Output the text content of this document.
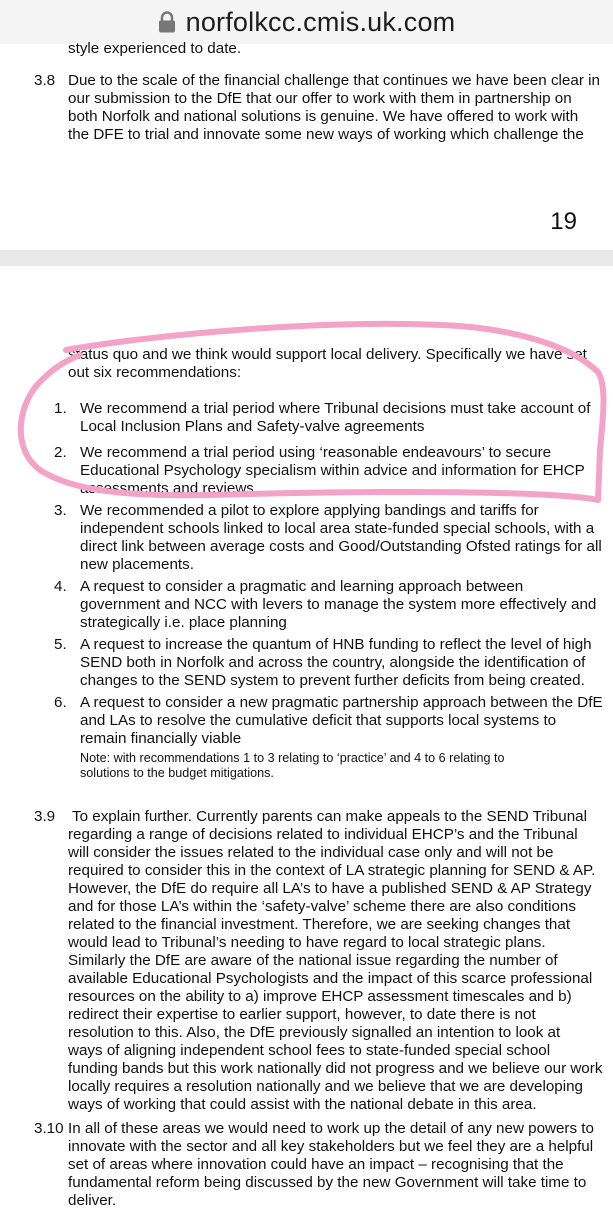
norfolkcc.cmis.uk.com
style experienced to date.
3.8 Due to the scale of the financial challenge that continues we have been clear in
our submission to the DfE that our offer to work with them in partnership on
both Norfolk and national solutions is genuine. We have offered to work with
the DFE to trial and innovate some new ways of working which challenge the
19
status quo and we think would support local delivery. Specifically we have set
out six recommendations:
1. We recommend a trial period where Tribunal decisions must take account of
Local Inclusion Plans and Safety-valve agreements
2. We recommend a trial period using ‘reasonable endeavours’ to secure
Educational Psychology specialism within advice and information for EHCP
assessments and reviews
3. We recommended a pilot to explore applying bandings and tariffs for
independent schools linked to local area state-funded special schools, with a
direct link between average costs and Good/Outstanding Ofsted ratings for all
new placements.
4. A request to consider a pragmatic and learning approach between
government and NCC with levers to manage the system more effectively and
strategically i.e. place planning
5. A request to increase the quantum of HNB funding to reflect the level of high
SEND both in Norfolk and across the country, alongside the identification of
changes to the SEND system to prevent further deficits from being created.
6. A request to consider a new pragmatic partnership approach between the DfE
and LAs to resolve the cumulative deficit that supports local systems to
remain financially viable
Note: with recommendations 1 to 3 relating to ‘practice’ and 4 to 6 relating to
solutions to the budget mitigations.
3.9 To explain further. Currently parents can make appeals to the SEND Tribunal
regarding a range of decisions related to individual EHCP’s and the Tribunal
will consider the issues related to the individual case only and will not be
required to consider this in the context of LA strategic planning for SEND & AP.
However, the DfE do require all LA’s to have a published SEND & AP Strategy
and for those LA’s within the ‘safety-valve’ scheme there are also conditions
related to the financial investment. Therefore, we are seeking changes that
would lead to Tribunal’s needing to have regard to local strategic plans.
Similarly the DfE are aware of the national issue regarding the number of
available Educational Psychologists and the impact of this scarce professional
resources on the ability to a) improve EHCP assessment timescales and b)
redirect their expertise to earlier support, however, to date there is not
resolution to this. Also, the DfE previously signalled an intention to look at
ways of aligning independent school fees to state-funded special school
funding bands but this work nationally did not progress and we believe our work
locally requires a resolution nationally and we believe that we are developing
ways of working that could assist with the national debate in this area.
3.10 In all of these areas we would need to work up the detail of any new powers to
innovate with the sector and all key stakeholders but we feel they are a helpful
set of areas where innovation could have an impact – recognising that the
fundamental reform being discussed by the new Government will take time to
deliver.
